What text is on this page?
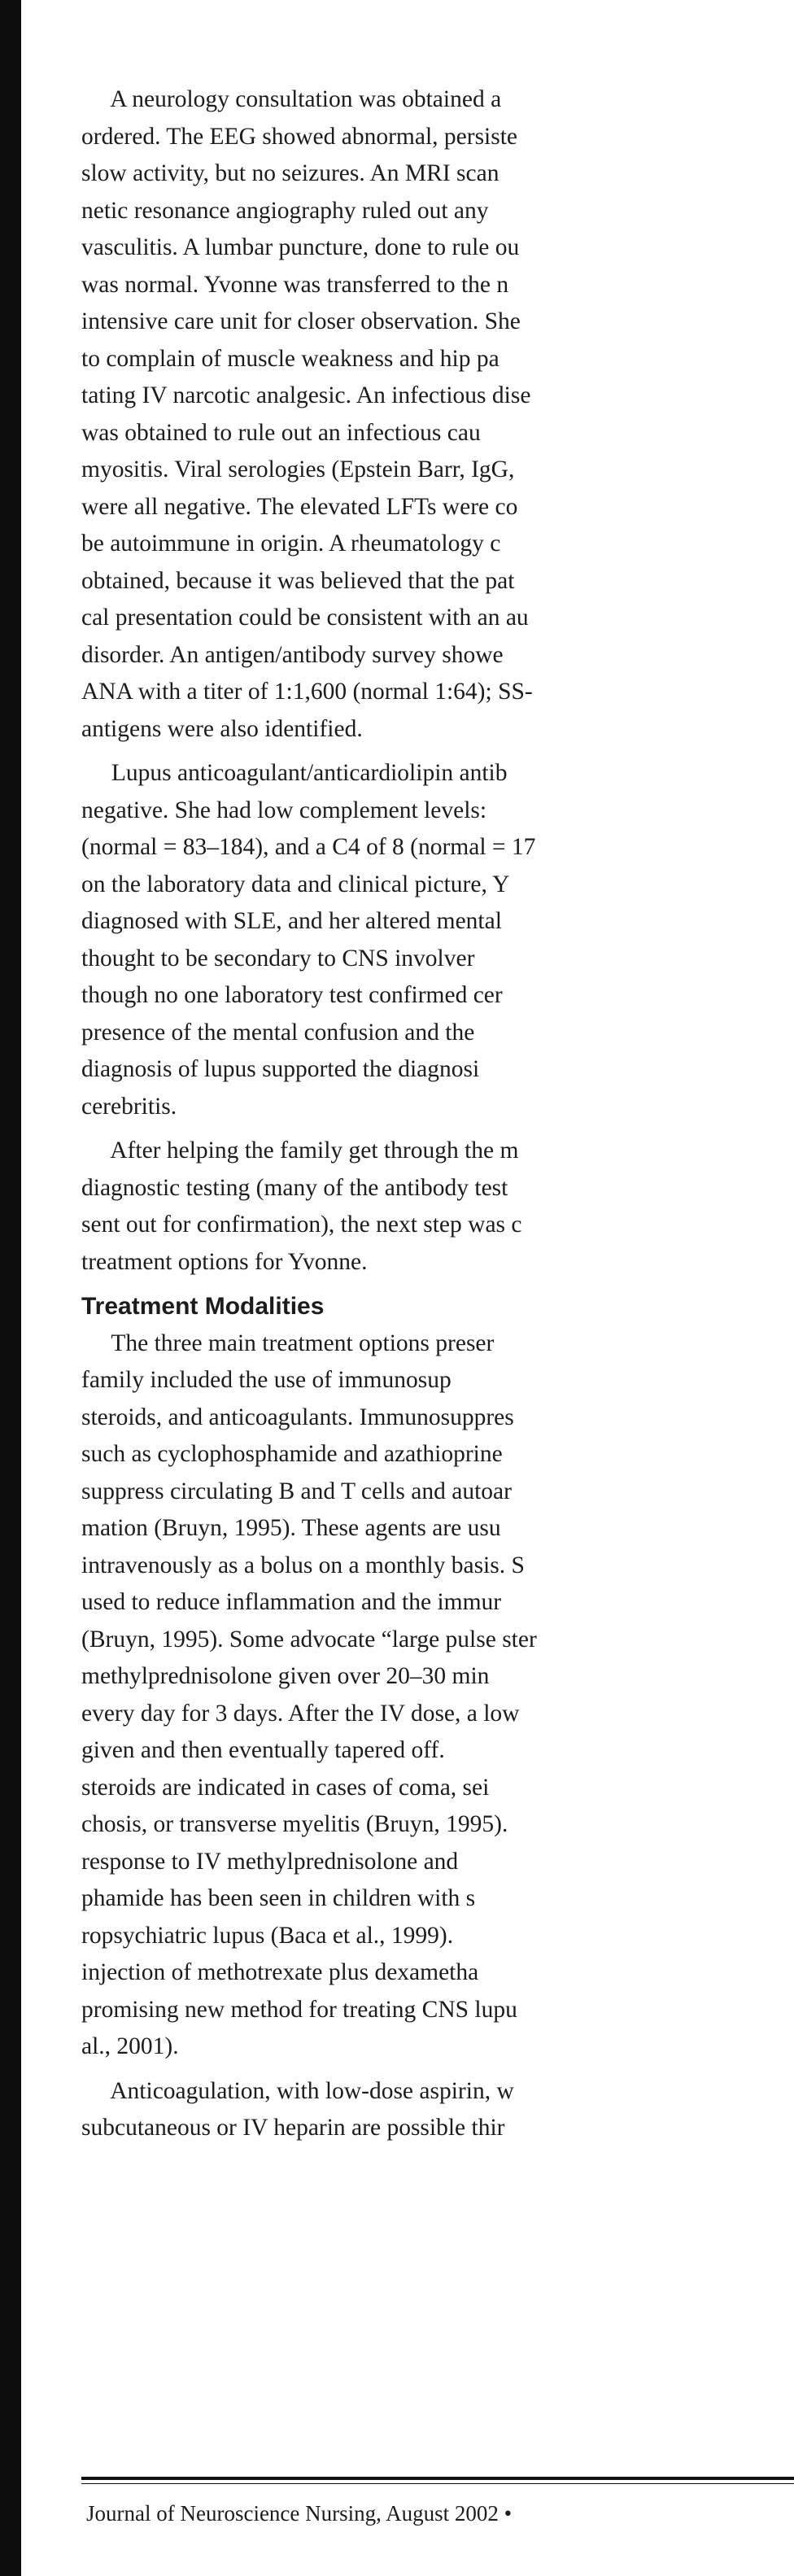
A neurology consultation was obtained a

ordered. The EEG showed abnormal, persiste

slow activity, but no seizures. An MRI scan

netic resonance angiography ruled out any

vasculitis. A lumbar puncture, done to rule ou

was normal. Yvonne was transferred to the n

intensive care unit for closer observation. She

to complain of muscle weakness and hip pa

tating IV narcotic analgesic. An infectious dise

was obtained to rule out an infectious cau

myositis. Viral serologies (Epstein Barr, IgG,

were all negative. The elevated LFTs were co

be autoimmune in origin. A rheumatology c

obtained, because it was believed that the pat

cal presentation could be consistent with an au

disorder. An antigen/antibody survey showe

ANA with a titer of 1:1,600 (normal 1:64); SS-

antigens were also identified.

Lupus anticoagulant/anticardiolipin antib

negative. She had low complement levels:

(normal = 83–184), and a C4 of 8 (normal = 17

on the laboratory data and clinical picture, Y

diagnosed with SLE, and her altered mental

thought to be secondary to CNS involver

though no one laboratory test confirmed cer

presence of the mental confusion and the

diagnosis of lupus supported the diagnosi

cerebritis.

After helping the family get through the m

diagnostic testing (many of the antibody test

sent out for confirmation), the next step was c

treatment options for Yvonne.

Treatment Modalities

The three main treatment options preser

family included the use of immunosup

steroids, and anticoagulants. Immunosuppres

such as cyclophosphamide and azathioprine

suppress circulating B and T cells and autoar

mation (Bruyn, 1995). These agents are usu

intravenously as a bolus on a monthly basis. S

used to reduce inflammation and the immur

(Bruyn, 1995). Some advocate “large pulse ster

methylprednisolone given over 20–30 min

every day for 3 days. After the IV dose, a low

given and then eventually tapered off.

steroids are indicated in cases of coma, sei

chosis, or transverse myelitis (Bruyn, 1995).

response to IV methylprednisolone and

phamide has been seen in children with s

ropsychiatric lupus (Baca et al., 1999).

injection of methotrexate plus dexametha

promising new method for treating CNS lupu

al., 2001).

Anticoagulation, with low-dose aspirin, w

subcutaneous or IV heparin are possible thir

Journal of Neuroscience Nursing, August 2002 •
